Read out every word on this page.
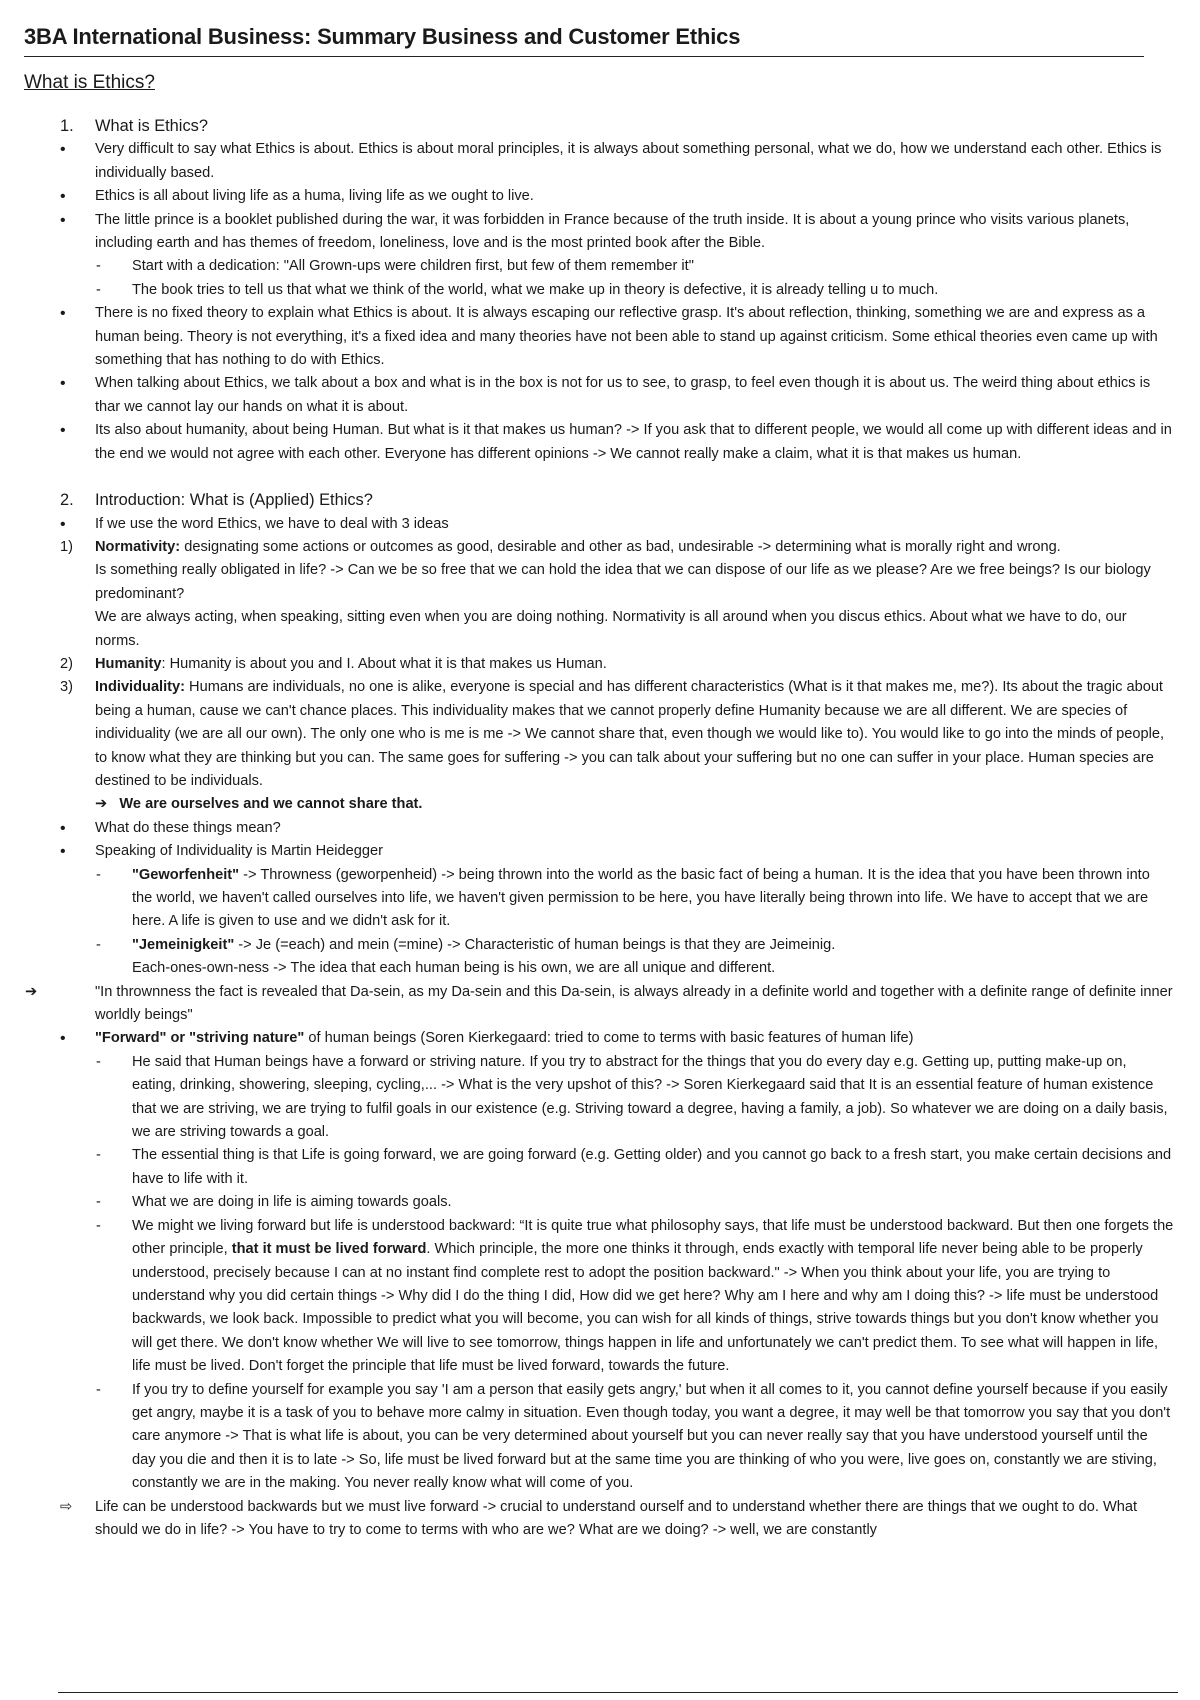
3BA International Business: Summary Business and Customer Ethics
What is Ethics?
1.	What is Ethics?
•	Very difficult to say what Ethics is about. Ethics is about moral principles, it is always about something personal, what we do, how we understand each other. Ethics is individually based.
•	Ethics is all about living life as a huma, living life as we ought to live.
•	The little prince is a booklet published during the war, it was forbidden in France because of the truth inside. It is about a young prince who visits various planets, including earth and has themes of freedom, loneliness, love and is the most printed book after the Bible.
-	Start with a dedication: "All Grown-ups were children first, but few of them remember it"
-	The book tries to tell us that what we think of the world, what we make up in theory is defective, it is already telling u to much.
•	There is no fixed theory to explain what Ethics is about. It is always escaping our reflective grasp. It's about reflection, thinking, something we are and express as a human being. Theory is not everything, it's a fixed idea and many theories have not been able to stand up against criticism. Some ethical theories even came up with something that has nothing to do with Ethics.
•	When talking about Ethics, we talk about a box and what is in the box is not for us to see, to grasp, to feel even though it is about us. The weird thing about ethics is thar we cannot lay our hands on what it is about.
•	Its also about humanity, about being Human. But what is it that makes us human? -> If you ask that to different people, we would all come up with different ideas and in the end we would not agree with each other. Everyone has different opinions -> We cannot really make a claim, what it is that makes us human.
2.	Introduction: What is (Applied) Ethics?
•	If we use the word Ethics, we have to deal with 3 ideas
1)	Normativity: designating some actions or outcomes as good, desirable and other as bad, undesirable -> determining what is morally right and wrong.
Is something really obligated in life? -> Can we be so free that we can hold the idea that we can dispose of our life as we please? Are we free beings? Is our biology predominant?
We are always acting, when speaking, sitting even when you are doing nothing. Normativity is all around when you discus ethics. About what we have to do, our norms.
2)	Humanity: Humanity is about you and I. About what it is that makes us Human.
3)	Individuality: Humans are individuals, no one is alike, everyone is special and has different characteristics (What is it that makes me, me?). Its about the tragic about being a human, cause we can't chance places. This individuality makes that we cannot properly define Humanity because we are all different. We are species of individuality (we are all our own). The only one who is me is me -> We cannot share that, even though we would like to). You would like to go into the minds of people, to know what they are thinking but you can. The same goes for suffering -> you can talk about your suffering but no one can suffer in your place. Human species are destined to be individuals.
➔ We are ourselves and we cannot share that.
•	What do these things mean?
•	Speaking of Individuality is Martin Heidegger
-	"Geworfenheit" -> Throwness (geworpenheid) -> being thrown into the world as the basic fact of being a human. It is the idea that you have been thrown into the world, we haven't called ourselves into life, we haven't given permission to be here, you have literally being thrown into life. We have to accept that we are here. A life is given to use and we didn't ask for it.
-	"Jemeinigkeit" -> Je (=each) and mein (=mine) -> Characteristic of human beings is that they are Jeimeinig.
Each-ones-own-ness -> The idea that each human being is his own, we are all unique and different.
➔	"In thrownness the fact is revealed that Da-sein, as my Da-sein and this Da-sein, is always already in a definite world and together with a definite range of definite inner worldly beings"
•	"Forward" or "striving nature" of human beings (Soren Kierkegaard: tried to come to terms with basic features of human life)
-	He said that Human beings have a forward or striving nature. If you try to abstract for the things that you do every day e.g. Getting up, putting make-up on, eating, drinking, showering, sleeping, cycling,... -> What is the very upshot of this? -> Soren Kierkegaard said that It is an essential feature of human existence that we are striving, we are trying to fulfil goals in our existence (e.g. Striving toward a degree, having a family, a job). So whatever we are doing on a daily basis, we are striving towards a goal.
-	The essential thing is that Life is going forward, we are going forward (e.g. Getting older) and you cannot go back to a fresh start, you make certain decisions and have to life with it.
-	What we are doing in life is aiming towards goals.
-	We might we living forward but life is understood backward: “It is quite true what philosophy says, that life must be understood backward. But then one forgets the other principle, that it must be lived forward. Which principle, the more one thinks it through, ends exactly with temporal life never being able to be properly understood, precisely because I can at no instant find complete rest to adopt the position backward." -> When you think about your life, you are trying to understand why you did certain things -> Why did I do the thing I did, How did we get here? Why am I here and why am I doing this? -> life must be understood backwards, we look back. Impossible to predict what you will become, you can wish for all kinds of things, strive towards things but you don't know whether you will get there. We don't know whether We will live to see tomorrow, things happen in life and unfortunately we can't predict them. To see what will happen in life, life must be lived. Don't forget the principle that life must be lived forward, towards the future.
-	If you try to define yourself for example you say 'I am a person that easily gets angry,' but when it all comes to it, you cannot define yourself because if you easily get angry, maybe it is a task of you to behave more calmy in situation. Even though today, you want a degree, it may well be that tomorrow you say that you don't care anymore -> That is what life is about, you can be very determined about yourself but you can never really say that you have understood yourself until the day you die and then it is to late -> So, life must be lived forward but at the same time you are thinking of who you were, live goes on, constantly we are stiving, constantly we are in the making. You never really know what will come of you.
⇨	Life can be understood backwards but we must live forward -> crucial to understand ourself and to understand whether there are things that we ought to do. What should we do in life? -> You have to try to come to terms with who are we? What are we doing? -> well, we are constantly
